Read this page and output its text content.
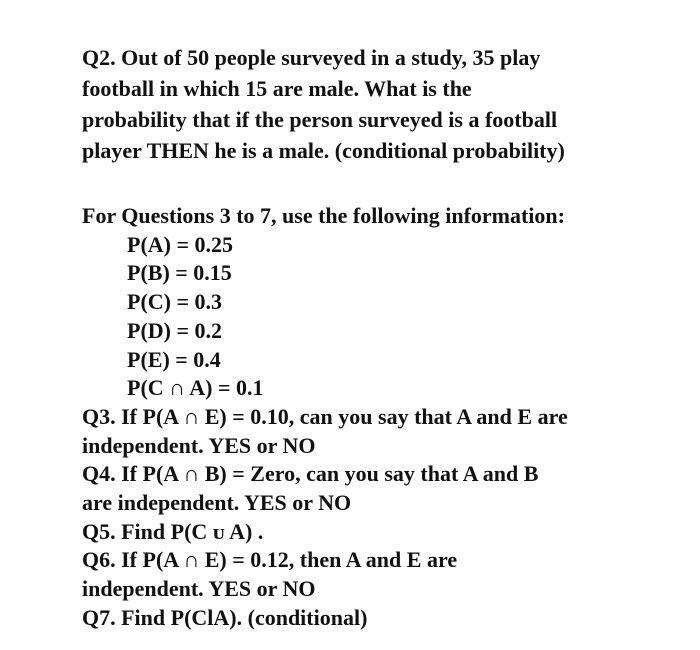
Q2. Out of 50 people surveyed in a study, 35 play
football in which 15 are male. What is the
probability that if the person surveyed is a football
player THEN he is a male. (conditional probability)
For Questions 3 to 7, use the following information:
P(A) = 0.25
P(B) = 0.15
P(C) = 0.3
P(D) = 0.2
P(E) = 0.4
P(C ∩ A) = 0.1
Q3. If P(A ∩ E) = 0.10, can you say that A and E are
independent. YES or NO
Q4. If P(A ∩ B) = Zero, can you say that A and B
are independent. YES or NO
Q5. Find P(C ᴜ A) .
Q6. If P(A ∩ E) = 0.12, then A and E are
independent. YES or NO
Q7. Find P(ClA). (conditional)
